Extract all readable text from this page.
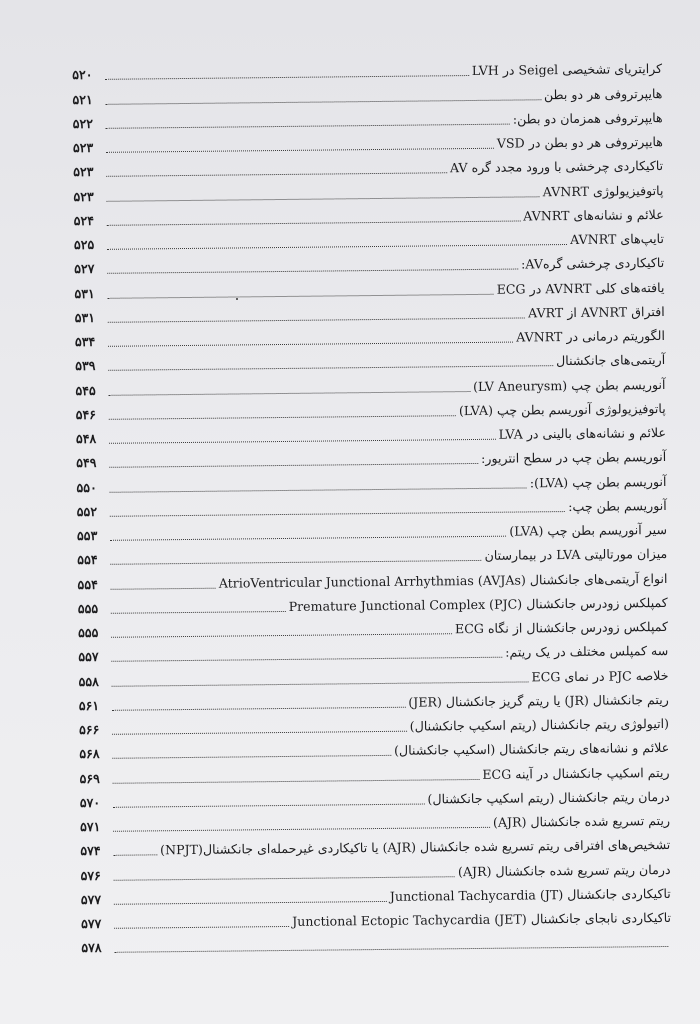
کرایتریای تشخیصی Seigel در LVH
۵۲۰
هایپرتروفی هر دو بطن
۵۲۱
هایپرتروفی همزمان دو بطن:
۵۲۲
هایپرتروفی هر دو بطن در VSD
۵۲۳
تاکیکاردی چرخشی با ورود مجدد گره AV
۵۲۳
پاتوفیزیولوژی AVNRT
۵۲۳
علائم و نشانه‌های AVNRT
۵۲۴
تایپ‌های AVNRT
۵۲۵
تاکیکاردی چرخشی گرهAV:
۵۲۷
یافته‌های کلی AVNRT در ECG
۵۳۱
افتراق AVNRT از AVRT
۵۳۱
الگوریتم درمانی در AVNRT
۵۳۴
آریتمی‌های جانکشنال
۵۳۹
آنوریسم بطن چپ (LV Aneurysm)
۵۴۵
پاتوفیزیولوژی آنوریسم بطن چپ (LVA)
۵۴۶
علائم و نشانه‌های بالینی در LVA
۵۴۸
آنوریسم بطن چپ در سطح انتریور:
۵۴۹
آنوریسم بطن چپ (LVA):
۵۵۰
آنوریسم بطن چپ:
۵۵۲
سیر آنوریسم بطن چپ (LVA)
۵۵۳
میزان مورتالیتی LVA در بیمارستان
۵۵۴
انواع آریتمی‌های جانکشنال (AVJAs) AtrioVentricular Junctional Arrhythmias
۵۵۴
کمپلکس زودرس جانکشنال (PJC) Premature Junctional Complex
۵۵۵
کمپلکس زودرس جانکشنال از نگاه ECG
۵۵۵
سه کمپلس مختلف در یک ریتم:
۵۵۷
خلاصه PJC در نمای ECG
۵۵۸
ریتم جانکشنال (JR) یا ریتم گریز جانکشنال (JER)
۵۶۱
(اتیولوژی ریتم جانکشنال (ریتم اسکیپ جانکشنال)
۵۶۶
علائم و نشانه‌های ریتم جانکشنال (اسکیپ جانکشنال)
۵۶۸
ریتم اسکیپ جانکشنال در آینه ECG
۵۶۹
درمان ریتم جانکشنال (ریتم اسکیپ جانکشنال)
۵۷۰
ریتم تسریع شده جانکشنال (AJR)
۵۷۱
تشخیص‌های افتراقی ریتم تسریع شده جانکشنال (AJR) یا تاکیکاردی غیرحمله‌ای جانکشنال(NPJT)
۵۷۴
درمان ریتم تسریع شده جانکشنال (AJR)
۵۷۶
تاکیکاردی جانکشنال (JT) Junctional Tachycardia
۵۷۷
تاکیکاردی نابجای جانکشنال (JET) Junctional Ectopic Tachycardia
۵۷۷
۵۷۸
